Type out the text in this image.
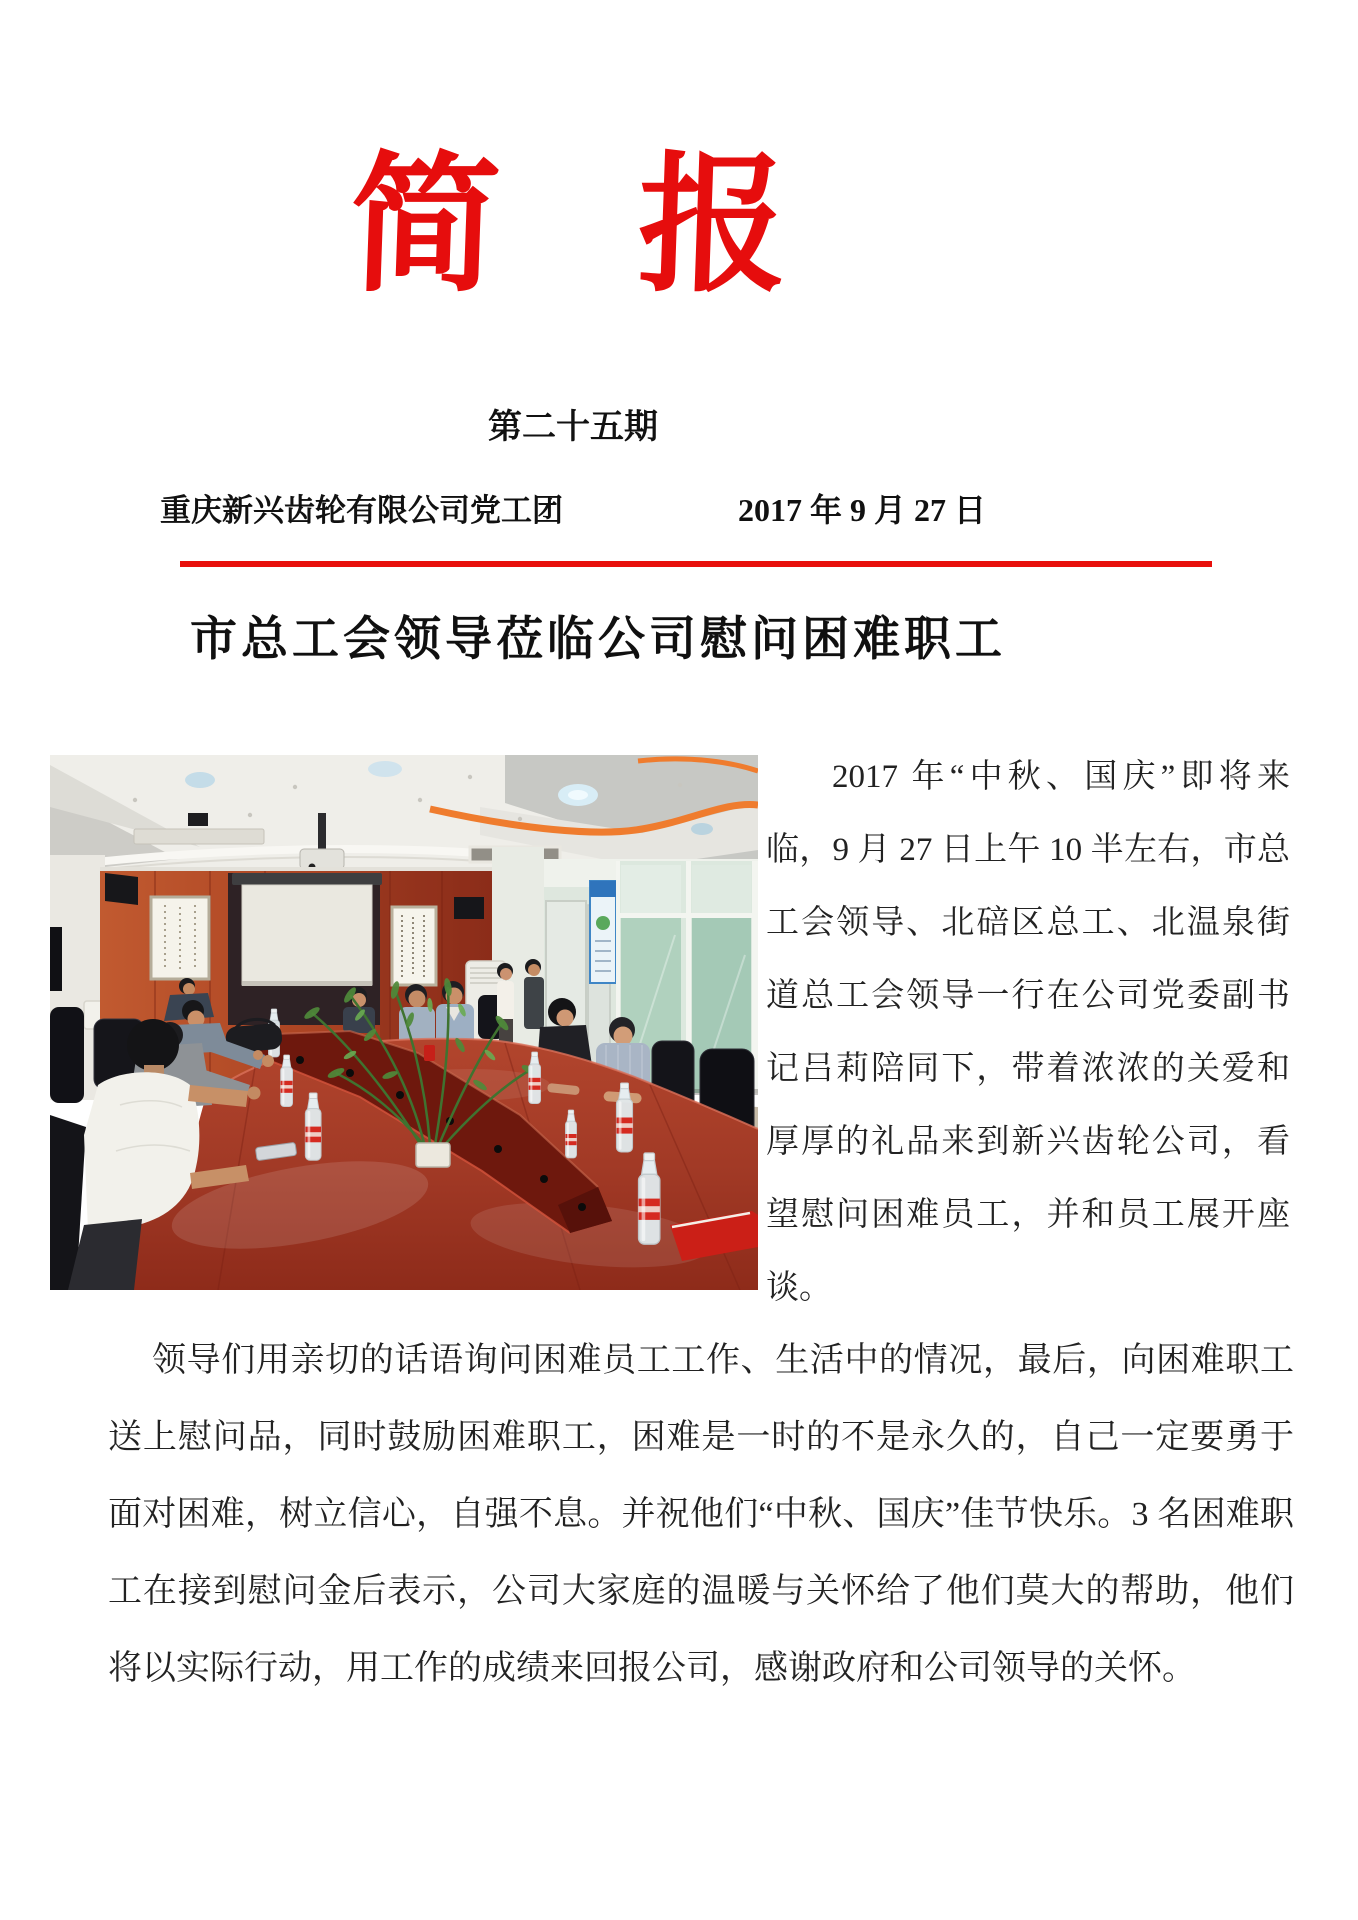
简 报
第二十五期
重庆新兴齿轮有限公司党工团	2017 年 9 月 27 日
市总工会领导莅临公司慰问困难职工
2017 年“中秋、国庆”即将来临，9 月 27 日上午 10 半左右，市总工会领导、北碚区总工、北温泉街道总工会领导一行在公司党委副书记吕莉陪同下，带着浓浓的关爱和厚厚的礼品来到新兴齿轮公司，看望慰问困难员工，并和员工展开座谈。
领导们用亲切的话语询问困难员工工作、生活中的情况，最后，向困难职工送上慰问品，同时鼓励困难职工，困难是一时的不是永久的，自己一定要勇于面对困难，树立信心，自强不息。并祝他们“中秋、国庆”佳节快乐。3 名困难职工在接到慰问金后表示，公司大家庭的温暖与关怀给了他们莫大的帮助，他们将以实际行动，用工作的成绩来回报公司，感谢政府和公司领导的关怀。
